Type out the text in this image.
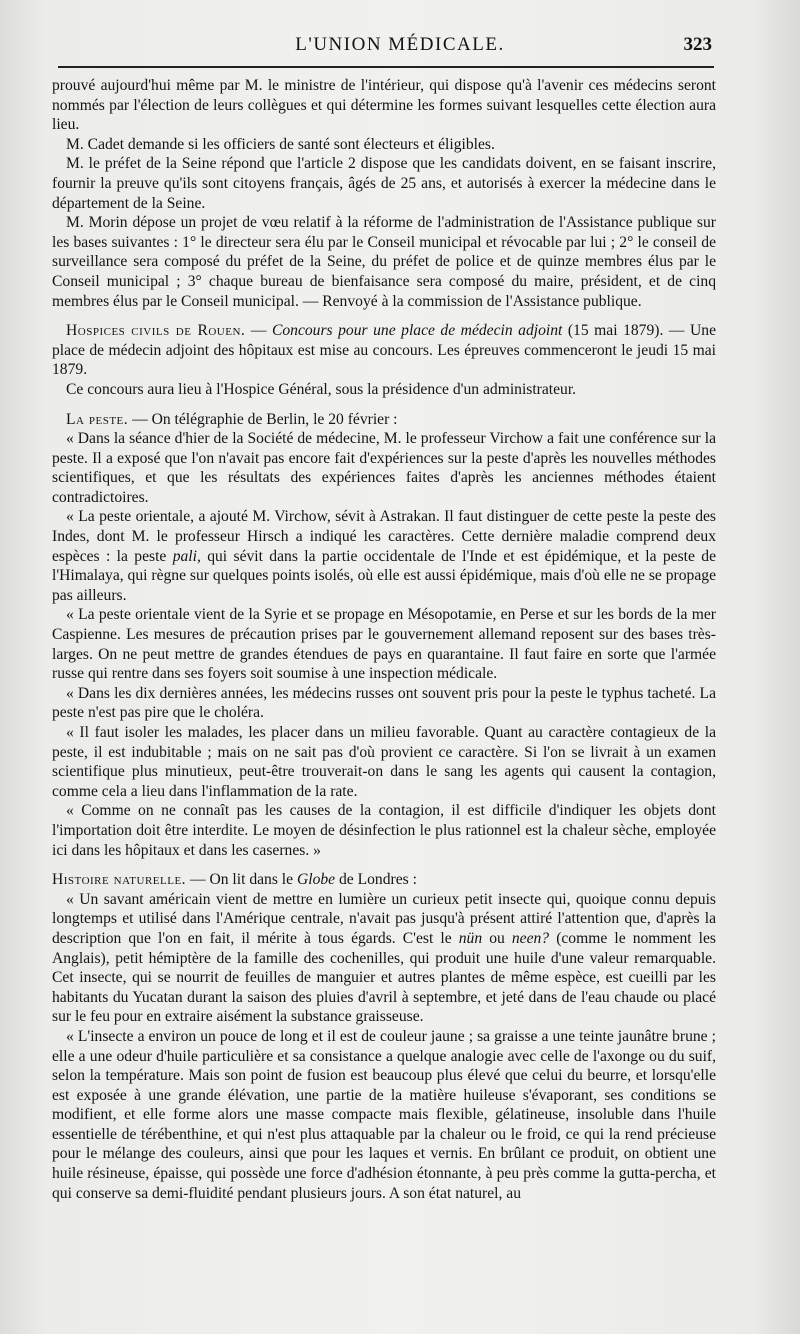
L'UNION MÉDICALE.	323

prouvé aujourd'hui même par M. le ministre de l'intérieur, qui dispose qu'à l'avenir ces médecins seront nommés par l'élection de leurs collègues et qui détermine les formes suivant lesquelles cette élection aura lieu.

M. Cadet demande si les officiers de santé sont électeurs et éligibles.

M. le préfet de la Seine répond que l'article 2 dispose que les candidats doivent, en se faisant inscrire, fournir la preuve qu'ils sont citoyens français, âgés de 25 ans, et autorisés à exercer la médecine dans le département de la Seine.

M. Morin dépose un projet de vœu relatif à la réforme de l'administration de l'Assistance publique sur les bases suivantes : 1° le directeur sera élu par le Conseil municipal et révocable par lui ; 2° le conseil de surveillance sera composé du préfet de la Seine, du préfet de police et de quinze membres élus par le Conseil municipal ; 3° chaque bureau de bienfaisance sera composé du maire, président, et de cinq membres élus par le Conseil municipal. — Renvoyé à la commission de l'Assistance publique.

Hospices civils de Rouen. — Concours pour une place de médecin adjoint (15 mai 1879). — Une place de médecin adjoint des hôpitaux est mise au concours. Les épreuves commenceront le jeudi 15 mai 1879.

Ce concours aura lieu à l'Hospice Général, sous la présidence d'un administrateur.

La peste. — On télégraphie de Berlin, le 20 février :

« Dans la séance d'hier de la Société de médecine, M. le professeur Virchow a fait une conférence sur la peste. Il a exposé que l'on n'avait pas encore fait d'expériences sur la peste d'après les nouvelles méthodes scientifiques, et que les résultats des expériences faites d'après les anciennes méthodes étaient contradictoires.

« La peste orientale, a ajouté M. Virchow, sévit à Astrakan. Il faut distinguer de cette peste la peste des Indes, dont M. le professeur Hirsch a indiqué les caractères. Cette dernière maladie comprend deux espèces : la peste pali, qui sévit dans la partie occidentale de l'Inde et est épidémique, et la peste de l'Himalaya, qui règne sur quelques points isolés, où elle est aussi épidémique, mais d'où elle ne se propage pas ailleurs.

« La peste orientale vient de la Syrie et se propage en Mésopotamie, en Perse et sur les bords de la mer Caspienne. Les mesures de précaution prises par le gouvernement allemand reposent sur des bases très-larges. On ne peut mettre de grandes étendues de pays en quarantaine. Il faut faire en sorte que l'armée russe qui rentre dans ses foyers soit soumise à une inspection médicale.

« Dans les dix dernières années, les médecins russes ont souvent pris pour la peste le typhus tacheté. La peste n'est pas pire que le choléra.

« Il faut isoler les malades, les placer dans un milieu favorable. Quant au caractère contagieux de la peste, il est indubitable ; mais on ne sait pas d'où provient ce caractère. Si l'on se livrait à un examen scientifique plus minutieux, peut-être trouverait-on dans le sang les agents qui causent la contagion, comme cela a lieu dans l'inflammation de la rate.

« Comme on ne connaît pas les causes de la contagion, il est difficile d'indiquer les objets dont l'importation doit être interdite. Le moyen de désinfection le plus rationnel est la chaleur sèche, employée ici dans les hôpitaux et dans les casernes. »

Histoire naturelle. — On lit dans le Globe de Londres :

« Un savant américain vient de mettre en lumière un curieux petit insecte qui, quoique connu depuis longtemps et utilisé dans l'Amérique centrale, n'avait pas jusqu'à présent attiré l'attention que, d'après la description que l'on en fait, il mérite à tous égards. C'est le nün ou neen? (comme le nomment les Anglais), petit hémiptère de la famille des cochenilles, qui produit une huile d'une valeur remarquable. Cet insecte, qui se nourrit de feuilles de manguier et autres plantes de même espèce, est cueilli par les habitants du Yucatan durant la saison des pluies d'avril à septembre, et jeté dans de l'eau chaude ou placé sur le feu pour en extraire aisément la substance graisseuse.

« L'insecte a environ un pouce de long et il est de couleur jaune ; sa graisse a une teinte jaunâtre brune ; elle a une odeur d'huile particulière et sa consistance a quelque analogie avec celle de l'axonge ou du suif, selon la température. Mais son point de fusion est beaucoup plus élevé que celui du beurre, et lorsqu'elle est exposée à une grande élévation, une partie de la matière huileuse s'évaporant, ses conditions se modifient, et elle forme alors une masse compacte mais flexible, gélatineuse, insoluble dans l'huile essentielle de térébenthine, et qui n'est plus attaquable par la chaleur ou le froid, ce qui la rend précieuse pour le mélange des couleurs, ainsi que pour les laques et vernis. En brûlant ce produit, on obtient une huile résineuse, épaisse, qui possède une force d'adhésion étonnante, à peu près comme la gutta-percha, et qui conserve sa demi-fluidité pendant plusieurs jours. A son état naturel, au
